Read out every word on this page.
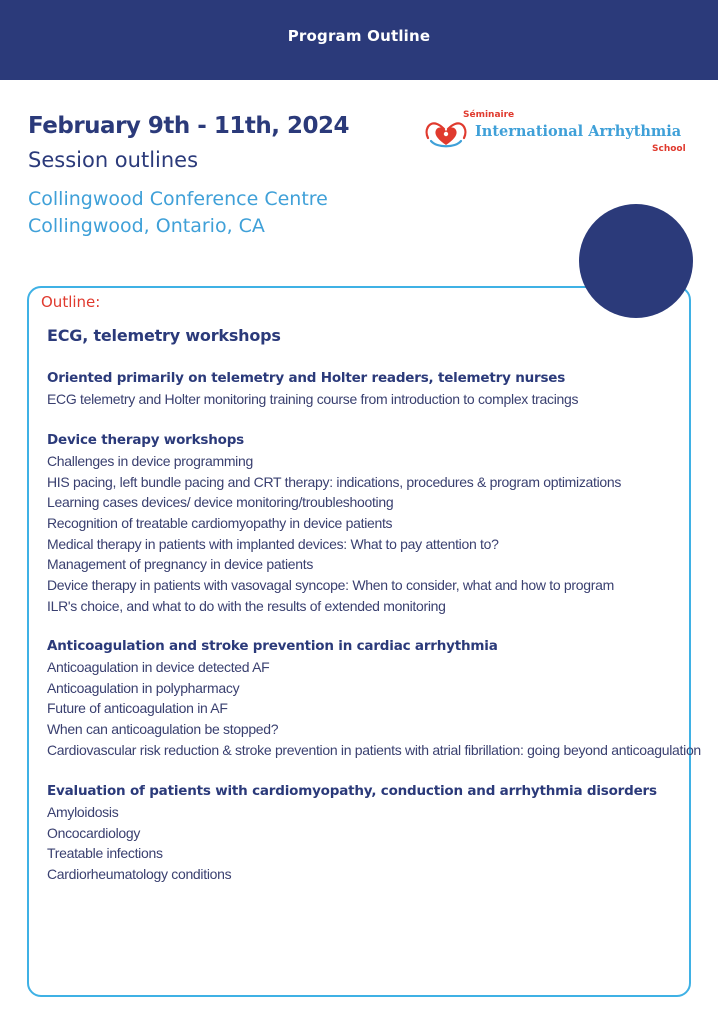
Program Outline
February 9th - 11th, 2024
Session outlines
Collingwood Conference Centre
Collingwood, Ontario, CA
Séminaire
International Arrhythmia
School
Outline:
ECG, telemetry workshops
Oriented primarily on telemetry and Holter readers, telemetry nurses
ECG telemetry and Holter monitoring training course from introduction to complex tracings
Device therapy workshops
Challenges in device programming
HIS pacing, left bundle pacing and CRT therapy: indications, procedures & program optimizations
Learning cases devices/ device monitoring/troubleshooting
Recognition of treatable cardiomyopathy in device patients
Medical therapy in patients with implanted devices: What to pay attention to?
Management of pregnancy in device patients
Device therapy in patients with vasovagal syncope: When to consider, what and how to program
ILR's choice, and what to do with the results of extended monitoring
Anticoagulation and stroke prevention in cardiac arrhythmia
Anticoagulation in device detected AF
Anticoagulation in polypharmacy
Future of anticoagulation in AF
When can anticoagulation be stopped?
Cardiovascular risk reduction & stroke prevention in patients with atrial fibrillation: going beyond anticoagulation
Evaluation of patients with cardiomyopathy, conduction and arrhythmia disorders
Amyloidosis
Oncocardiology
Treatable infections
Cardiorheumatology conditions
